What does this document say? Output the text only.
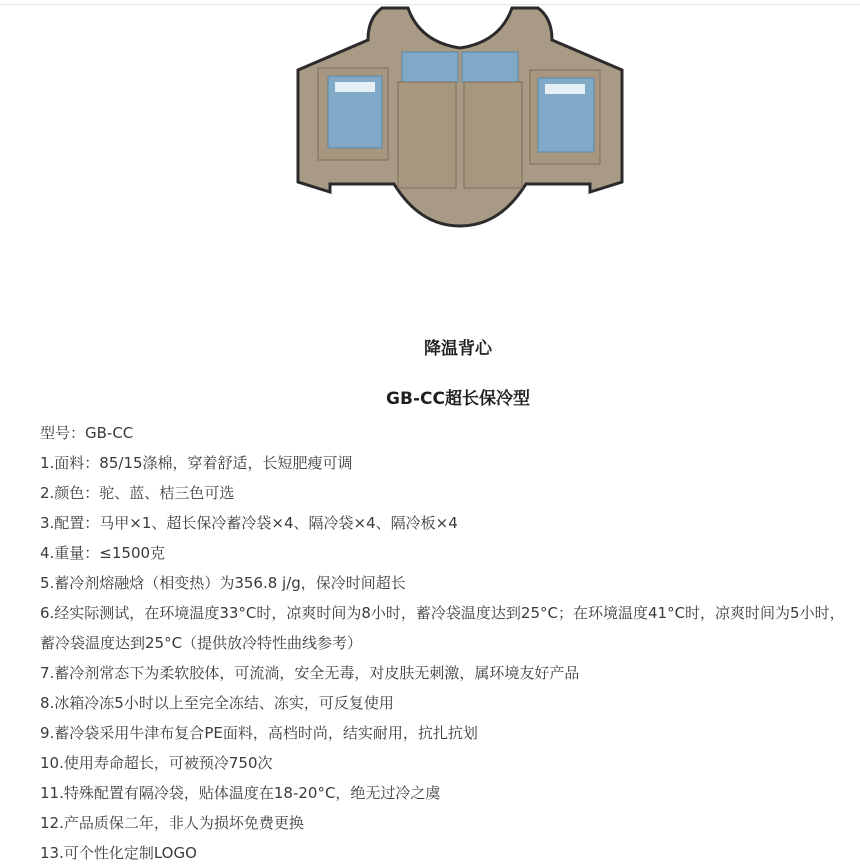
降温背心
GB-CC超长保冷型
型号：GB-CC
1.面料：85/15涤棉，穿着舒适，长短肥瘦可调
2.颜色：驼、蓝、桔三色可选
3.配置：马甲×1、超长保冷蓄冷袋×4、隔冷袋×4、隔冷板×4
4.重量：≤1500克
5.蓄冷剂熔融焓（相变热）为356.8 j/g，保冷时间超长
6.经实际测试，在环境温度33°C时，凉爽时间为8小时，蓄冷袋温度达到25°C；在环境温度41°C时，凉爽时间为5小时，蓄冷袋温度达到25°C（提供放冷特性曲线参考）
7.蓄冷剂常态下为柔软胶体，可流淌，安全无毒，对皮肤无刺激，属环境友好产品
8.冰箱冷冻5小时以上至完全冻结、冻实，可反复使用
9.蓄冷袋采用牛津布复合PE面料，高档时尚，结实耐用，抗扎抗划
10.使用寿命超长，可被预冷750次
11.特殊配置有隔冷袋，贴体温度在18-20°C，绝无过冷之虞
12.产品质保二年，非人为损坏免费更换
13.可个性化定制LOGO
